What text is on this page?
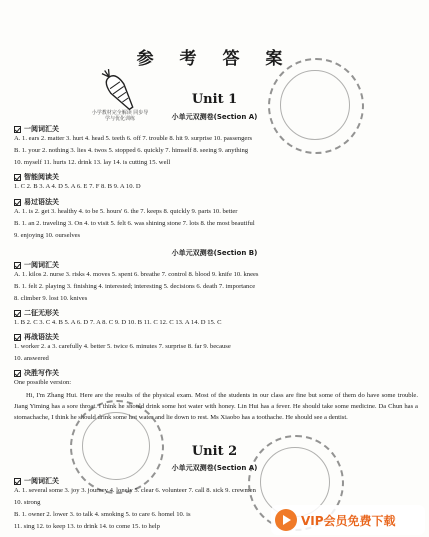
小学教材完全解读 同步导学与优化训练
参 考 答 案
Unit 1
小单元双测卷(Section A)
一阅词汇关
A. 1. ears 2. matter 3. hurt 4. head 5. teeth 6. off 7. trouble 8. hit 9. surprise 10. passengers
B. 1. your 2. nothing 3. lies 4. twos 5. stopped 6. quickly 7. himself 8. seeing 9. anything
10. myself 11. hurts 12. drink 13. lay 14. is cutting 15. well
智能阅读关
1. C 2. B 3. A 4. D 5. A 6. E 7. F 8. B 9. A 10. D
易过语法关
A. 1. is 2. get 3. healthy 4. to be 5. hours' 6. the 7. keeps 8. quickly 9. parts 10. better
B. 1. an 2. traveling 3. On 4. to visit 5. felt 6. was shining stone 7. lots 8. the most beautiful
9. enjoying 10. ourselves
小单元双测卷(Section B)
一阅词汇关
A. 1. kilos 2. nurse 3. risks 4. moves 5. spent 6. breathe 7. control 8. blood 9. knife 10. knees
B. 1. felt 2. playing 3. finishing 4. interested; interesting 5. decisions 6. death 7. importance
8. climber 9. lost 10. knives
二征无形关
1. B 2. C 3. C 4. B 5. A 6. D 7. A 8. C 9. D 10. B 11. C 12. C 13. A 14. D 15. C
再战语法关
1. worker 2. a 3. carefully 4. better 5. twice 6. minutes 7. surprise 8. far 9. because
10. answered
决胜写作关
One possible version:
Hi, I'm Zhang Hui. Here are the results of the physical exam. Most of the students in our class are fine but some of them do have some trouble. Jiang Yiming has a sore throat. I think he should drink some hot water with honey. Lin Hui has a fever. He should take some medicine. Da Chun has a stomachache, I think he should drink some hot water and lie down to rest. Ms Xiaobo has a toothache. He should see a dentist.
Unit 2
小单元双测卷(Section A)
一阅词汇关
A. 1. several some 3. joy 3. journey 4. lonely 5. clear 6. volunteer 7. call 8. sick 9. crewmen
10. strong
B. 1. owner 2. lower 3. to talk 4. smoking 5. to care 6. homel 10. is
11. sing 12. to keep 13. to drink 14. to come 15. to help	VIP会员免费下载
